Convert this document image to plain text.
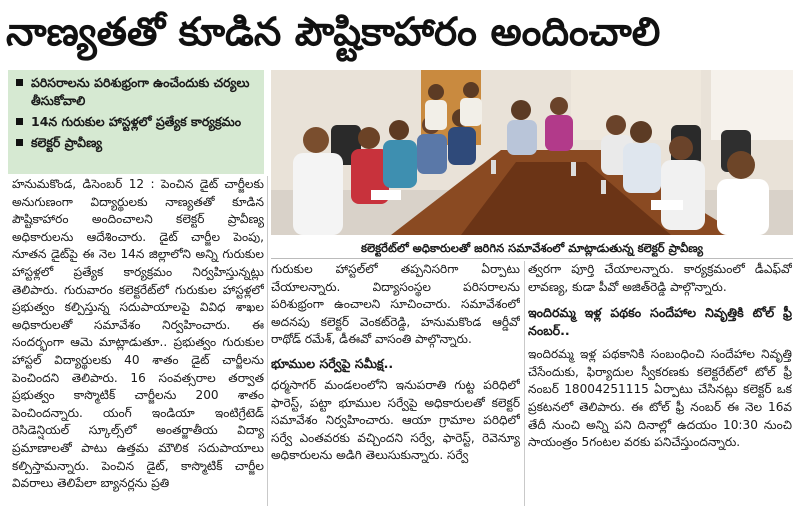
నాణ్యతతో కూడిన పౌష్టికాహారం అందించాలి
పరిసరాలను పరిశుభ్రంగా ఉంచేందుకు చర్యలు తీసుకోవాలి
14న గురుకుల హాస్టళ్లలో ప్రత్యేక కార్యక్రమం
కలెక్టర్ ప్రావీణ్య
కలెక్టరేట్‌లో అధికారులతో జరిగిన సమావేశంలో మాట్లాడుతున్న కలెక్టర్ ప్రావీణ్య

హనుమకొండ, డిసెంబర్ 12 : పెంచిన డైట్ చార్జీలకు అనుగుణంగా విద్యార్థులకు నాణ్యతతో కూడిన పౌష్టికాహారం అందించాలని కలెక్టర్ ప్రావీణ్య అధికారులను ఆదేశించారు. డైట్ చార్జీల పెంపు, నూతన డైట్‌పై ఈ నెల 14న జిల్లాలోని అన్ని గురుకుల హాస్టళ్లలో ప్రత్యేక కార్యక్రమం నిర్వహిస్తున్నట్లు తెలిపారు. గురువారం కలెక్టరేట్‌లో గురుకుల హాస్టళ్లలో ప్రభుత్వం కల్పిస్తున్న సదుపాయాలపై వివిధ శాఖల అధికారులతో సమావేశం నిర్వహించారు. ఈ సందర్భంగా ఆమె మాట్లాడుతూ.. ప్రభుత్వం గురుకుల హాస్టల్ విద్యార్థులకు 40 శాతం డైట్ చార్జీలను పెంచిందని తెలిపారు. 16 సంవత్సరాల తర్వాత ప్రభుత్వం కాస్మొటిక్ చార్జీలను 200 శాతం పెంచిందన్నారు. యంగ్ ఇండియా ఇంటిగ్రేటెడ్ రెసిడెన్షియల్ స్కూల్స్‌లో అంతర్జాతీయ విద్యా ప్రమాణాలతో పాటు ఉత్తమ మౌలిక సదుపాయాలు కల్పిస్తామన్నారు. పెంచిన డైట్, కాస్మొటిక్ చార్జీల వివరాలు తెలిపేలా బ్యానర్లను ప్రతి

గురుకుల హాస్టల్‌లో తప్పనిసరిగా ఏర్పాటు చేయాలన్నారు. విద్యాసంస్థల పరిసరాలను పరిశుభ్రంగా ఉంచాలని సూచించారు. సమావేశంలో అదనపు కలెక్టర్ వెంకట్‌రెడ్డి, హనుమకొండ ఆర్డీవో రాథోడ్ రమేశ్, డీఈవో వాసంతి పాల్గొన్నారు.

భూముల సర్వేపై సమీక్ష..

ధర్మసాగర్ మండలంలోని ఇనుపరాతి గుట్ట పరిధిలో ఫారెస్ట్, పట్టా భూముల సర్వేపై అధికారులతో కలెక్టర్ సమావేశం నిర్వహించారు. ఆయా గ్రామాల పరిధిలో సర్వే ఎంతవరకు వచ్చిందని సర్వే, ఫారెస్ట్, రెవెన్యూ అధికారులను అడిగి తెలుసుకున్నారు. సర్వే

త్వరగా పూర్తి చేయాలన్నారు. కార్యక్రమంలో డీఎఫ్‌వో లావణ్య, కుడా పీవో అజిత్‌రెడ్డి పాల్గొన్నారు.

ఇందిరమ్మ ఇళ్ల పథకం సందేహాల నివృత్తికి టోల్ ఫ్రీ నంబర్..

ఇందిరమ్మ ఇళ్ల పథకానికి సంబంధించి సందేహాల నివృత్తి చేసేందుకు, ఫిర్యాదుల స్వీకరణకు కలెక్టరేట్‌లో టోల్ ఫ్రీ నంబర్ 18004251115 ఏర్పాటు చేసినట్లు కలెక్టర్ ఒక ప్రకటనలో తెలిపారు. ఈ టోల్ ఫ్రీ నంబర్ ఈ నెల 16వ తేదీ నుంచి అన్ని పని దినాల్లో ఉదయం 10:30 నుంచి సాయంత్రం 5గంటల వరకు పనిచేస్తుందన్నారు.
